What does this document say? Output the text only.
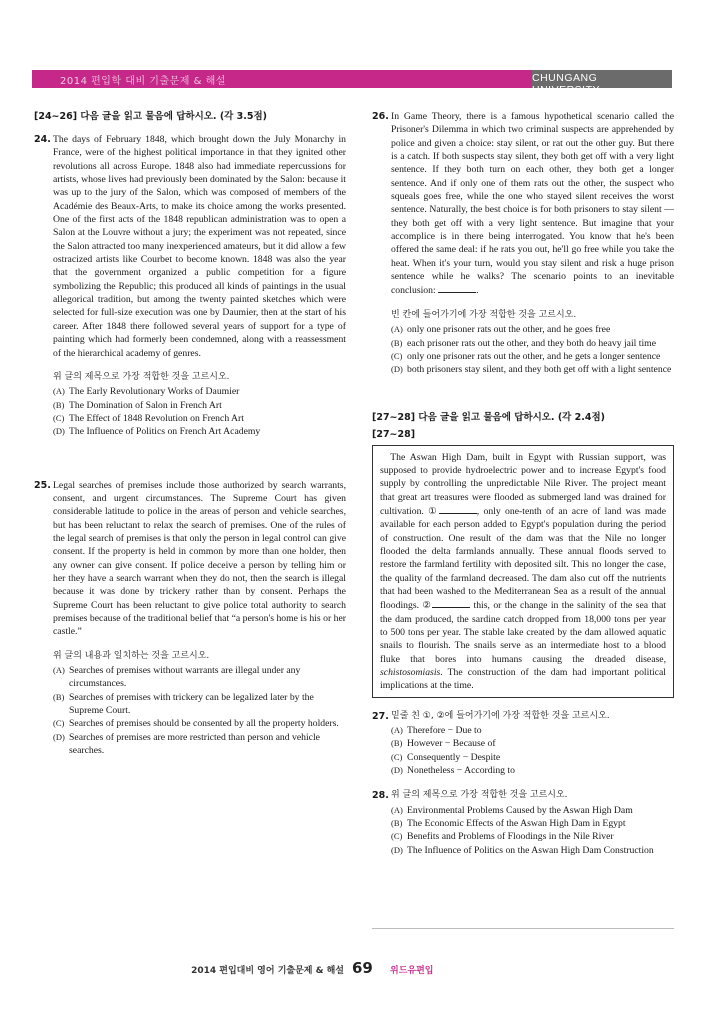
2014 편입학 대비 기출문제 & 해설	CHUNGANG UNIVERSITY
[24~26] 다음 글을 읽고 물음에 답하시오. (각 3.5점)
24. The days of February 1848, which brought down the July Monarchy in France, were of the highest political importance in that they ignited other revolutions all across Europe. 1848 also had immediate repercussions for artists, whose lives had previously been dominated by the Salon: because it was up to the jury of the Salon, which was composed of members of the Académie des Beaux-Arts, to make its choice among the works presented. One of the first acts of the 1848 republican administration was to open a Salon at the Louvre without a jury; the experiment was not repeated, since the Salon attracted too many inexperienced amateurs, but it did allow a few ostracized artists like Courbet to become known. 1848 was also the year that the government organized a public competition for a figure symbolizing the Republic; this produced all kinds of paintings in the usual allegorical tradition, but among the twenty painted sketches which were selected for full-size execution was one by Daumier, then at the start of his career. After 1848 there followed several years of support for a type of painting which had formerly been condemned, along with a reassessment of the hierarchical academy of genres.
위 글의 제목으로 가장 적합한 것을 고르시오.
(A) The Early Revolutionary Works of Daumier
(B) The Domination of Salon in French Art
(C) The Effect of 1848 Revolution on French Art
(D) The Influence of Politics on French Art Academy
25. Legal searches of premises include those authorized by search warrants, consent, and urgent circumstances. The Supreme Court has given considerable latitude to police in the areas of person and vehicle searches, but has been reluctant to relax the search of premises. One of the rules of the legal search of premises is that only the person in legal control can give consent. If the property is held in common by more than one holder, then any owner can give consent. If police deceive a person by telling him or her they have a search warrant when they do not, then the search is illegal because it was done by trickery rather than by consent. Perhaps the Supreme Court has been reluctant to give police total authority to search premises because of the traditional belief that “a person's home is his or her castle.”
위 글의 내용과 일치하는 것을 고르시오.
(A) Searches of premises without warrants are illegal under any circumstances.
(B) Searches of premises with trickery can be legalized later by the Supreme Court.
(C) Searches of premises should be consented by all the property holders.
(D) Searches of premises are more restricted than person and vehicle searches.
26. In Game Theory, there is a famous hypothetical scenario called the Prisoner's Dilemma in which two criminal suspects are apprehended by police and given a choice: stay silent, or rat out the other guy. But there is a catch. If both suspects stay silent, they both get off with a very light sentence. If they both turn on each other, they both get a longer sentence. And if only one of them rats out the other, the suspect who squeals goes free, while the one who stayed silent receives the worst sentence. Naturally, the best choice is for both prisoners to stay silent — they both get off with a very light sentence. But imagine that your accomplice is in there being interrogated. You know that he's been offered the same deal: if he rats you out, he'll go free while you take the heat. When it's your turn, would you stay silent and risk a huge prison sentence while he walks? The scenario points to an inevitable conclusion:	.
빈 칸에 들어가기에 가장 적합한 것을 고르시오.
(A) only one prisoner rats out the other, and he goes free
(B) each prisoner rats out the other, and they both do heavy jail time
(C) only one prisoner rats out the other, and he gets a longer sentence
(D) both prisoners stay silent, and they both get off with a light sentence
[27~28] 다음 글을 읽고 물음에 답하시오. (각 2.4점)
[27~28]
The Aswan High Dam, built in Egypt with Russian support, was supposed to provide hydroelectric power and to increase Egypt's food supply by controlling the unpredictable Nile River. The project meant that great art treasures were flooded as submerged land was drained for cultivation. ①	, only one-tenth of an acre of land was made available for each person added to Egypt's population during the period of construction. One result of the dam was that the Nile no longer flooded the delta farmlands annually. These annual floods served to restore the farmland fertility with deposited silt. This no longer the case, the quality of the farmland decreased. The dam also cut off the nutrients that had been washed to the Mediterranean Sea as a result of the annual floodings. ②	this, or the change in the salinity of the sea that the dam produced, the sardine catch dropped from 18,000 tons per year to 500 tons per year. The stable lake created by the dam allowed aquatic snails to flourish. The snails serve as an intermediate host to a blood fluke that bores into humans causing the dreaded disease, schistosomiasis. The construction of the dam had important political implications at the time.
27. 밑줄 친 ①, ②에 들어가기에 가장 적합한 것을 고르시오.
(A) Therefore − Due to
(B) However − Because of
(C) Consequently − Despite
(D) Nonetheless − According to
28. 위 글의 제목으로 가장 적합한 것을 고르시오.
(A) Environmental Problems Caused by the Aswan High Dam
(B) The Economic Effects of the Aswan High Dam in Egypt
(C) Benefits and Problems of Floodings in the Nile River
(D) The Influence of Politics on the Aswan High Dam Construction
2014 편입대비 영어 기출문제 & 해설 69 위드유편입
